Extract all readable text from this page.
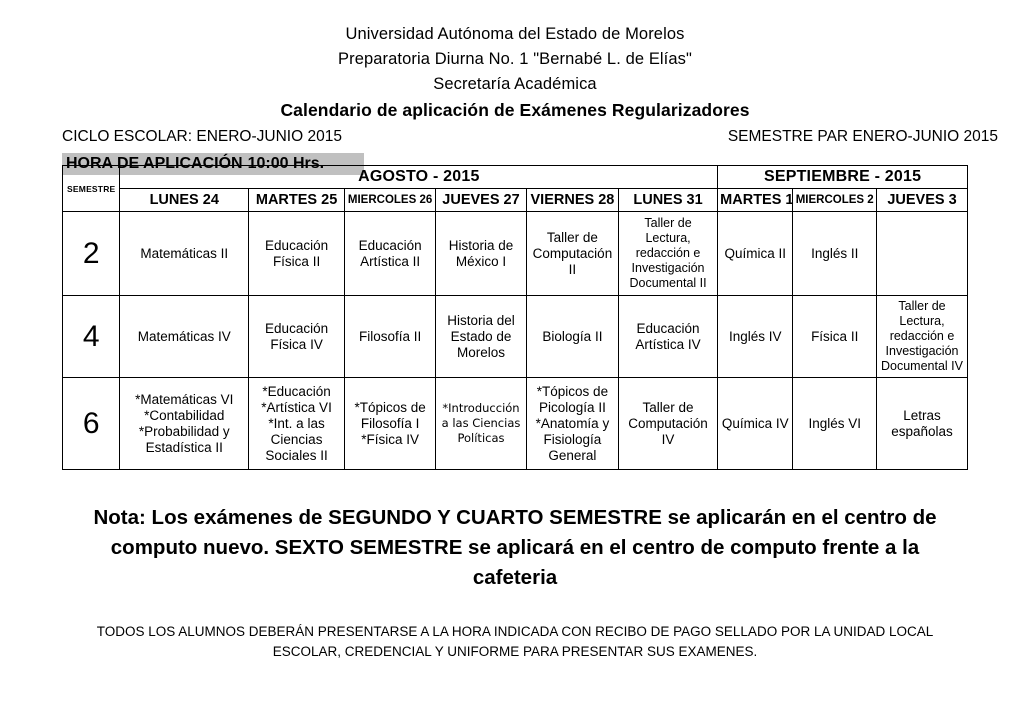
Universidad Autónoma del Estado de Morelos
Preparatoria Diurna No. 1 "Bernabé L. de Elías"
Secretaría Académica
Calendario de aplicación de Exámenes Regularizadores
CICLO ESCOLAR: ENERO-JUNIO 2015	SEMESTRE PAR ENERO-JUNIO 2015
HORA DE APLICACIÓN 10:00 Hrs.
SEMESTRE	AGOSTO - 2015						SEPTIEMBRE - 2015		
	LUNES 24	MARTES 25	MIERCOLES 26	JUEVES 27	VIERNES 28	LUNES 31	MARTES 1	MIERCOLES 2	JUEVES 3
2	Matemáticas II	Educación Física II	Educación Artística II	Historia de México I	Taller de Computación II	Taller de Lectura, redacción e Investigación Documental II	Química II	Inglés II	
4	Matemáticas IV	Educación Física IV	Filosofía II	Historia del Estado de Morelos	Biología II	Educación Artística IV	Inglés IV	Física II	Taller de Lectura, redacción e Investigación Documental IV
6	*Matemáticas VI *Contabilidad *Probabilidad y Estadística II	*Educación *Artística VI *Int. a las Ciencias Sociales II	*Tópicos de Filosofía I *Física IV	*Introducción a las Ciencias Políticas	*Tópicos de Picología II *Anatomía y Fisiología General	Taller de Computación IV	Química IV	Inglés VI	Letras españolas
Nota: Los exámenes de SEGUNDO Y CUARTO SEMESTRE se aplicarán en el centro de computo nuevo. SEXTO SEMESTRE se aplicará en el centro de computo frente a la cafeteria
TODOS LOS ALUMNOS DEBERÁN PRESENTARSE A LA HORA INDICADA CON RECIBO DE PAGO SELLADO POR LA UNIDAD LOCAL ESCOLAR, CREDENCIAL Y UNIFORME PARA PRESENTAR SUS EXAMENES.
